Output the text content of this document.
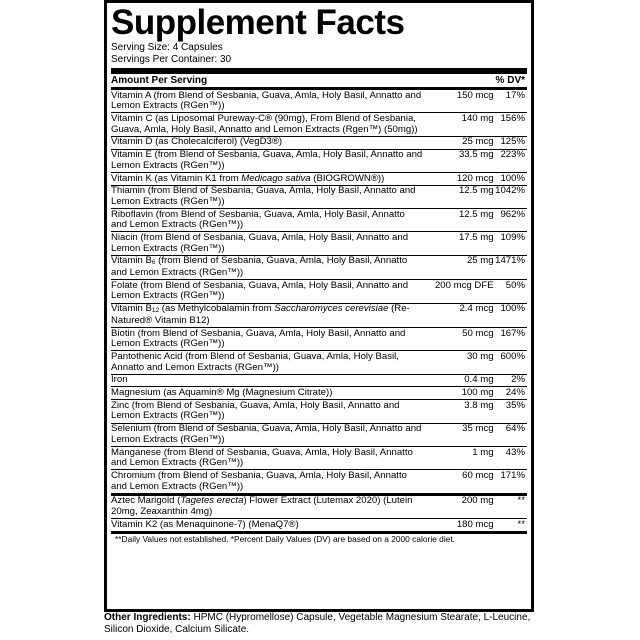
Supplement Facts
Serving Size: 4 Capsules
Servings Per Container: 30
Amount Per Serving	% DV*
Vitamin A (from Blend of Sesbania, Guava, Amla, Holy Basil, Annatto and Lemon Extracts (RGen™))
150 mcg	17%
Vitamin C (as Liposomal Pureway-C® (90mg), From Blend of Sesbania, Guava, Amla, Holy Basil, Annatto and Lemon Extracts (Rgen™) (50mg))
140 mg 156%
Vitamin D (as Cholecalciferol) (VegD3®)	25 mcg 125%
Vitamin E (from Blend of Sesbania, Guava, Amla, Holy Basil, Annatto and Lemon Extracts (RGen™))
33.5 mg 223%
Vitamin K (as Vitamin K1 from Medicago sativa (BIOGROWN®))	120 mcg 100%
Thiamin (from Blend of Sesbania, Guava, Amla, Holy Basil, Annatto and Lemon Extracts (RGen™))
12.5 mg 1042%
Riboflavin (from Blend of Sesbania, Guava, Amla, Holy Basil, Annatto and Lemon Extracts (RGen™))
12.5 mg 962%
Niacin (from Blend of Sesbania, Guava, Amla, Holy Basil, Annatto and Lemon Extracts (RGen™))
17.5 mg 109%
Vitamin B6 (from Blend of Sesbania, Guava, Amla, Holy Basil, Annatto and Lemon Extracts (RGen™))
25 mg 1471%
Folate (from Blend of Sesbania, Guava, Amla, Holy Basil, Annatto and Lemon Extracts (RGen™))
200 mcg DFE	50%
Vitamin B12 (as Methylcobalamin from Saccharomyces cerevisiae (Re-Natured® Vitamin B12)
2.4 mcg 100%
Biotin (from Blend of Sesbania, Guava, Amla, Holy Basil, Annatto and Lemon Extracts (RGen™))
50 mcg 167%
Pantothenic Acid (from Blend of Sesbania, Guava, Amla, Holy Basil, Annatto and Lemon Extracts (RGen™))
30 mg 600%
Iron	0.4 mg	2%
Magnesium (as Aquamin® Mg (Magnesium Citrate))	100 mg	24%
Zinc (from Blend of Sesbania, Guava, Amla, Holy Basil, Annatto and Lemon Extracts (RGen™))
3.8 mg	35%
Selenium (from Blend of Sesbania, Guava, Amla, Holy Basil, Annatto and Lemon Extracts (RGen™))
35 mcg	64%
Manganese (from Blend of Sesbania, Guava, Amla, Holy Basil, Annatto and Lemon Extracts (RGen™))
1 mg	43%
Chromium (from Blend of Sesbania, Guava, Amla, Holy Basil, Annatto and Lemon Extracts (RGen™))
60 mcg 171%
Aztec Marigold (Tagetes erecta) Flower Extract (Lutemax 2020) (Lutein 20mg, Zeaxanthin 4mg)
200 mg	**
Vitamin K2 (as Menaquinone-7) (MenaQ7®)	180 mcg	**
**Daily Values not established. *Percent Daily Values (DV) are based on a 2000 calorie diet.
Other Ingredients: HPMC (Hypromellose) Capsule, Vegetable Magnesium Stearate, L-Leucine, Silicon Dioxide, Calcium Silicate.
